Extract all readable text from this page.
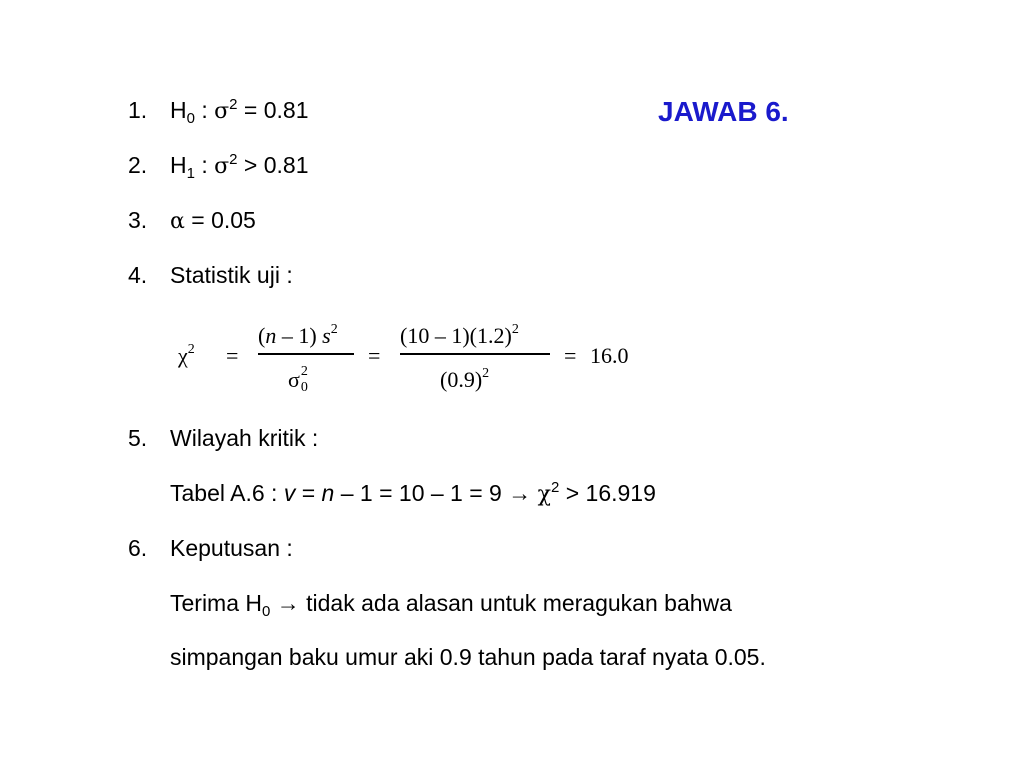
JAWAB 6.
1. $H_0$ : $\sigma^2 = 0.81$
2. $H_1$ : $\sigma^2 > 0.81$
3. α = 0.05
4. Statistik uji :
$\chi^2$ =
(n – 1) $s^2$
σ 2
0
=
$(10 - 1)(1.2)^2$
$(0.9)^2$
= 16.0
5. Wilayah kritik :
Tabel A.6 : $v = n - 1 = 10 - 1 = 9 \to \chi^2 > 16.919$
6. Keputusan :
Terima $H_0$ → tidak ada alasan untuk meragukan bahwa
simpangan baku umur aki 0.9 tahun pada taraf nyata 0.05.
